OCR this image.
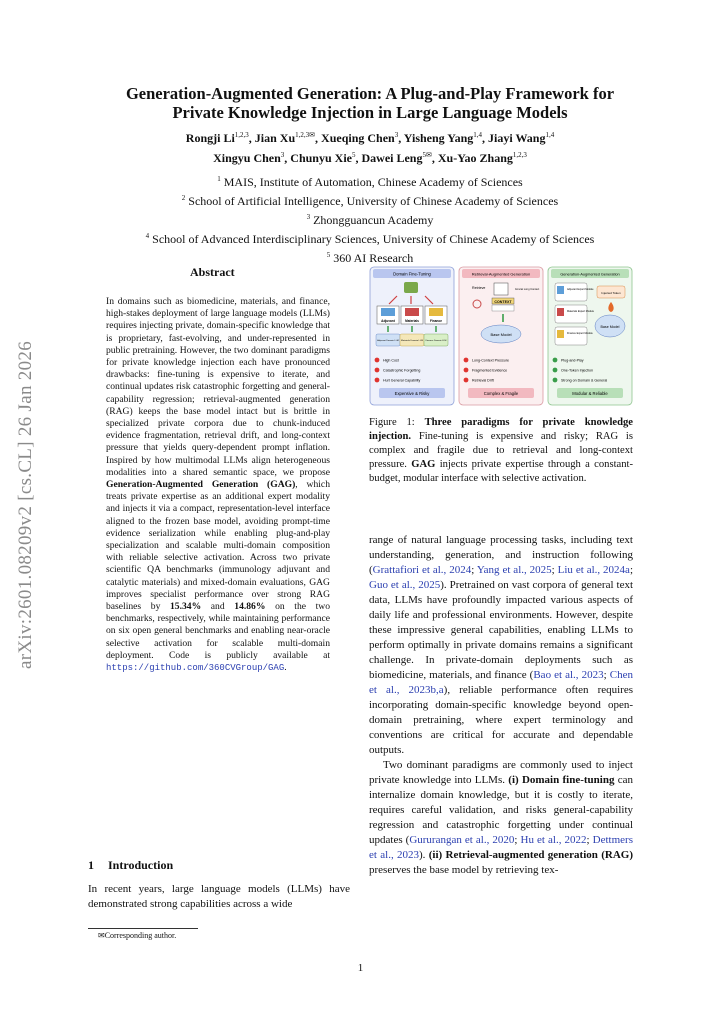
arXiv:2601.08209v2 [cs.CL] 26 Jan 2026
Generation-Augmented Generation: A Plug-and-Play Framework for
Private Knowledge Injection in Large Language Models
Rongji Li$^{1,2,3}$, Jian $Xu^{1,2,3✉}$, Xueqing Chen$^3$, Yisheng Yang$^{1,4}$, Jiayi Wang$^{1,4}$
Xingyu Chen$^3$, Chunyu Xie$^5$, Dawei Leng$^{5✉}$, Xu-Yao Zhang$^{1,2,3}$
$^1$ MAIS, Institute of Automation, Chinese Academy of Sciences
$^2$ School of Artificial Intelligence, University of Chinese Academy of Sciences
$^3$ Zhongguancun Academy
$^4$ School of Advanced Interdisciplinary Sciences, University of Chinese Academy of Sciences
$^5$ 360 AI Research
Abstract
In domains such as biomedicine, materials, and finance, high-stakes deployment of large language models (LLMs) requires injecting private, domain-specific knowledge that is proprietary, fast-evolving, and under-represented in public pretraining. However, the two dominant paradigms for private knowledge injection each have pronounced drawbacks: fine-tuning is expensive to iterate, and continual updates risk catastrophic forgetting and general-capability regression; retrieval-augmented generation (RAG) keeps the base model intact but is brittle in specialized private corpora due to chunk-induced evidence fragmentation, retrieval drift, and long-context pressure that yields query-dependent prompt inflation. Inspired by how multimodal LLMs align heterogeneous modalities into a shared semantic space, we propose Generation-Augmented Generation (GAG), which treats private expertise as an additional expert modality and injects it via a compact, representation-level interface aligned to the frozen base model, avoiding prompt-time evidence serialization while enabling plug-and-play specialization and scalable multi-domain composition with reliable selective activation. Across two private scientific QA benchmarks (immunology adjuvant and catalytic materials) and mixed-domain evaluations, GAG improves specialist performance over strong RAG baselines by 15.34% and 14.86% on the two benchmarks, respectively, while maintaining performance on six open general benchmarks and enabling near-oracle selective activation for scalable multi-domain deployment. Code is publicly available at https://github.com/360CVGroup/GAG.
1 Introduction
In recent years, large language models (LLMs) have demonstrated strong capabilities across a wide
✉Corresponding author.
Domain Fine-Tuning
Adjuvant	Materials	Finance
Adjuvant Domain LLM Materials Domain LLM Finance Domain LLM
High Cost
Catastrophic Forgetting
Hurt General Capability
Expensive & Risky
Retrieval-Augmented Generation
Retrieve	Concat Long Context
CONTEXT
Base Model
Long-Context Pressure
Fragmented Evidence
Retrieval Drift
Complex & Fragile
Generation-Augmented Generation
Adjuvant Expert Module
Materials Expert Module
Finance Expert Module
Injected Token
Base Model
Plug-and-Play
One-Token Injection
Strong on Domain & General
Modular & Reliable
Figure 1: Three paradigms for private knowledge injection. Fine-tuning is expensive and risky; RAG is complex and fragile due to retrieval and long-context pressure. GAG injects private expertise through a constant-budget, modular interface with selective activation.

range of natural language processing tasks, including text understanding, generation, and instruction following (Grattafiori et al., 2024; Yang et al., 2025; Liu et al., 2024a; Guo et al., 2025). Pretrained on vast corpora of general text data, LLMs have profoundly impacted various aspects of daily life and professional environments. However, despite these impressive general capabilities, enabling LLMs to perform optimally in private domains remains a significant challenge. In private-domain deployments such as biomedicine, materials, and finance (Bao et al., 2023; Chen et al., 2023b,a), reliable performance often requires incorporating domain-specific knowledge beyond open-domain pretraining, where expert terminology and conventions are critical for accurate and dependable outputs.

Two dominant paradigms are commonly used to inject private knowledge into LLMs. (i) Domain fine-tuning can internalize domain knowledge, but it is costly to iterate, requires careful validation, and risks general-capability regression and catastrophic forgetting under continual updates (Gururangan et al., 2020; Hu et al., 2022; Dettmers et al., 2023). (ii) Retrieval-augmented generation (RAG) preserves the base model by retrieving tex-

1
